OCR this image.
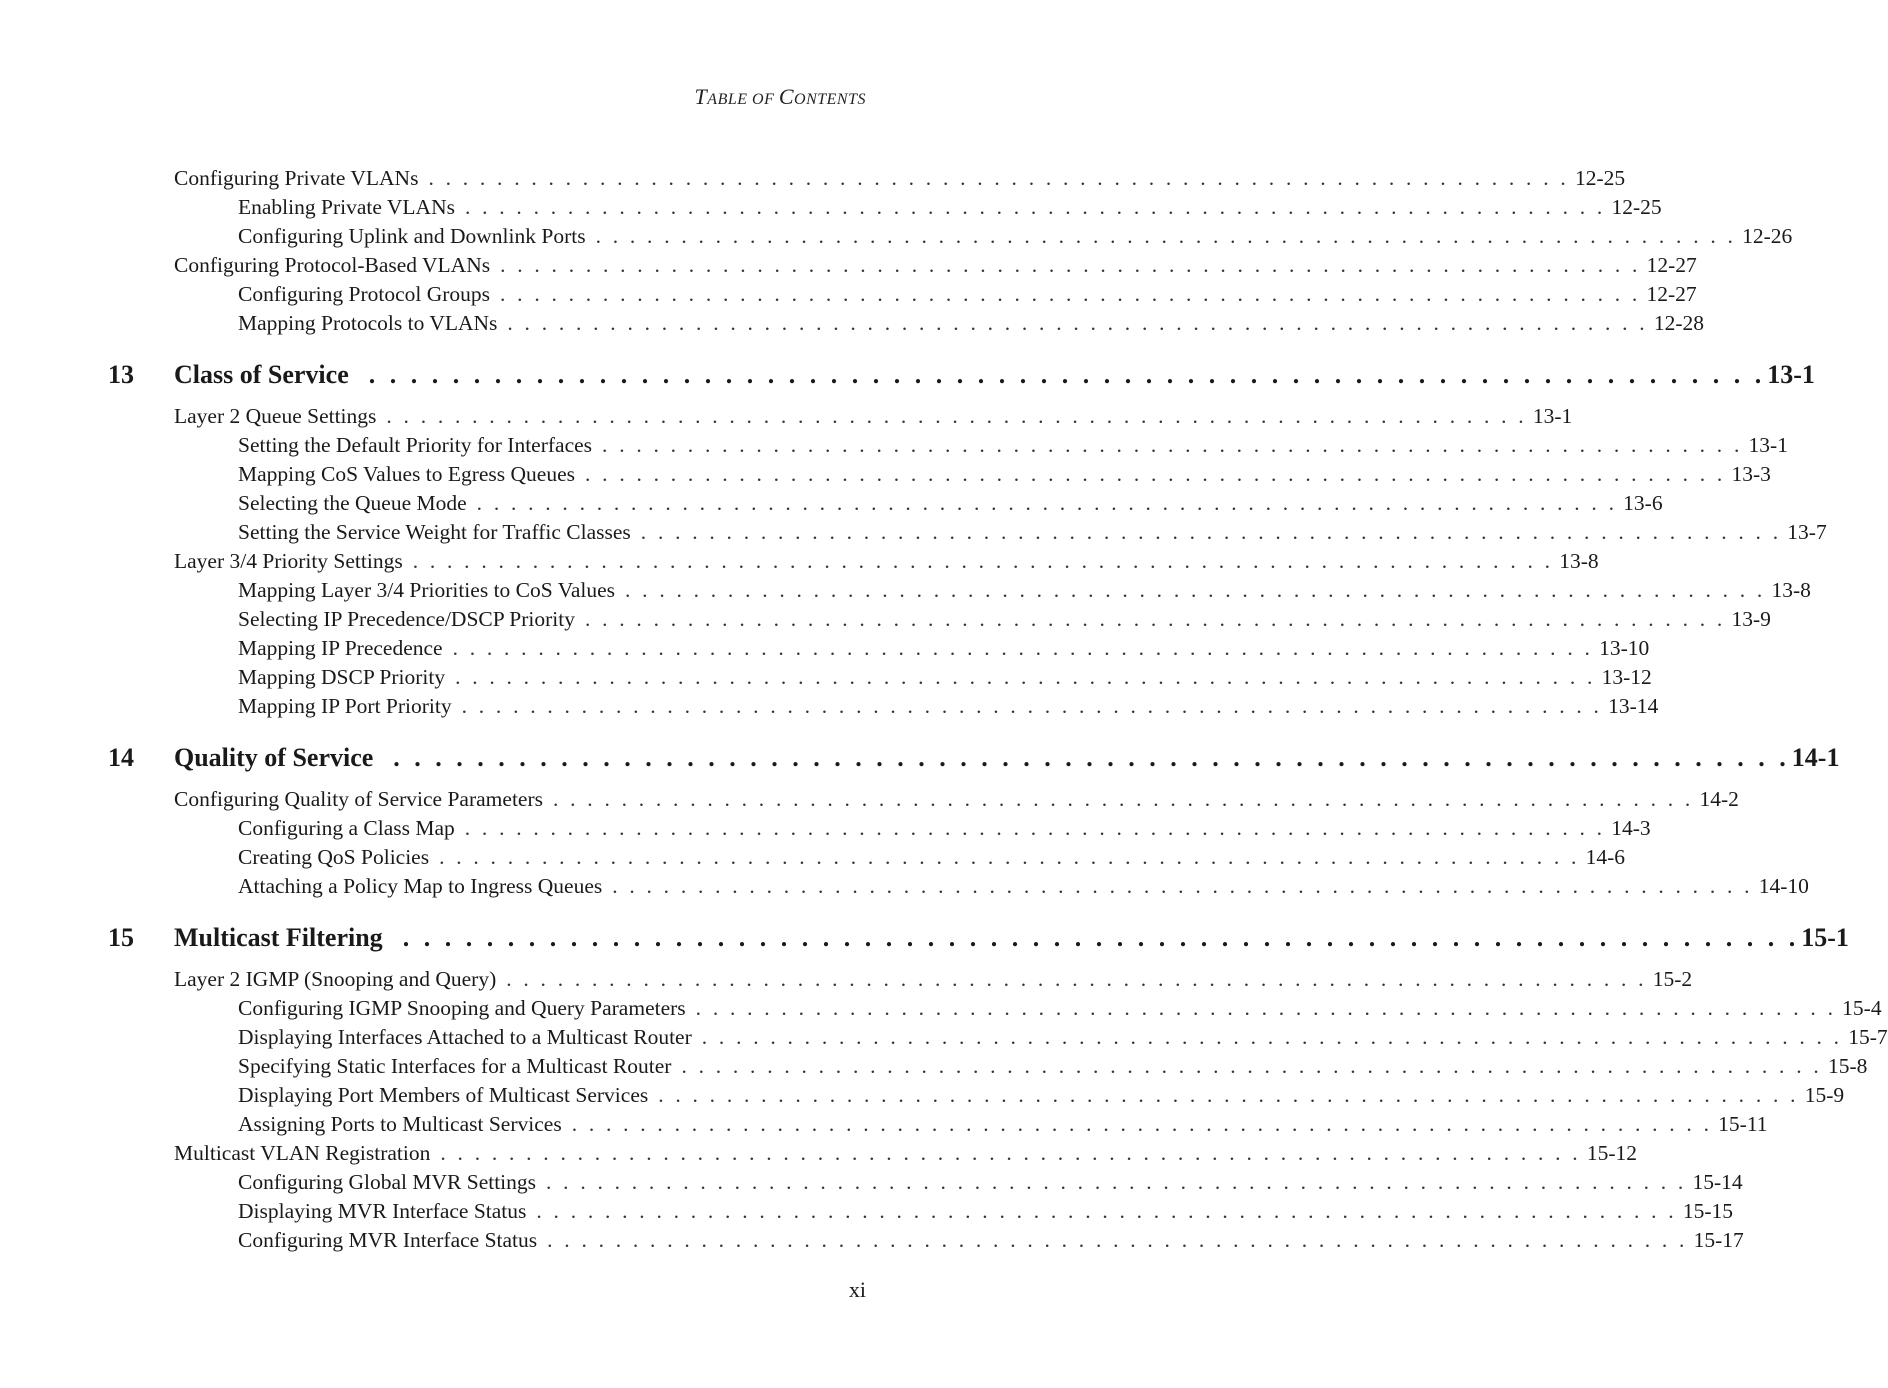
TABLE OF CONTENTS
Configuring Private VLANs . . . . . . . . . . . . . . . . . . . . . . . . . . . . . . . . . . . . . . . . . . . . . . . . . . . . . . . . . . . . . . . . . . . 12-25
Enabling Private VLANs . . . . . . . . . . . . . . . . . . . . . . . . . . . . . . . . . . . . . . . . . . . . . . . . . . . . . . . . . . . . . . . . . . . 12-25
Configuring Uplink and Downlink Ports . . . . . . . . . . . . . . . . . . . . . . . . . . . . . . . . . . . . . . . . . . . . . . . . . . . . . . . . . . . . . . . . . . . 12-26
Configuring Protocol-Based VLANs . . . . . . . . . . . . . . . . . . . . . . . . . . . . . . . . . . . . . . . . . . . . . . . . . . . . . . . . . . . . . . . . . . . 12-27
Configuring Protocol Groups . . . . . . . . . . . . . . . . . . . . . . . . . . . . . . . . . . . . . . . . . . . . . . . . . . . . . . . . . . . . . . . . . . . 12-27
Mapping Protocols to VLANs . . . . . . . . . . . . . . . . . . . . . . . . . . . . . . . . . . . . . . . . . . . . . . . . . . . . . . . . . . . . . . . . . . . 12-28
13 Class of Service . . . . . . . . . . . . . . . . . . . . . . . . . . . . . . . . . . . . . . . . . . . . . . . . . . . . . . . . . . . . . . . . . . . 13-1
Layer 2 Queue Settings . . . . . . . . . . . . . . . . . . . . . . . . . . . . . . . . . . . . . . . . . . . . . . . . . . . . . . . . . . . . . . . . . . . 13-1
Setting the Default Priority for Interfaces . . . . . . . . . . . . . . . . . . . . . . . . . . . . . . . . . . . . . . . . . . . . . . . . . . . . . . . . . . . . . . . . . . . 13-1
Mapping CoS Values to Egress Queues . . . . . . . . . . . . . . . . . . . . . . . . . . . . . . . . . . . . . . . . . . . . . . . . . . . . . . . . . . . . . . . . . . . 13-3
Selecting the Queue Mode . . . . . . . . . . . . . . . . . . . . . . . . . . . . . . . . . . . . . . . . . . . . . . . . . . . . . . . . . . . . . . . . . . . 13-6
Setting the Service Weight for Traffic Classes . . . . . . . . . . . . . . . . . . . . . . . . . . . . . . . . . . . . . . . . . . . . . . . . . . . . . . . . . . . . . . . . . . . 13-7
Layer 3/4 Priority Settings . . . . . . . . . . . . . . . . . . . . . . . . . . . . . . . . . . . . . . . . . . . . . . . . . . . . . . . . . . . . . . . . . . . 13-8
Mapping Layer 3/4 Priorities to CoS Values . . . . . . . . . . . . . . . . . . . . . . . . . . . . . . . . . . . . . . . . . . . . . . . . . . . . . . . . . . . . . . . . . . . 13-8
Selecting IP Precedence/DSCP Priority . . . . . . . . . . . . . . . . . . . . . . . . . . . . . . . . . . . . . . . . . . . . . . . . . . . . . . . . . . . . . . . . . . . 13-9
Mapping IP Precedence . . . . . . . . . . . . . . . . . . . . . . . . . . . . . . . . . . . . . . . . . . . . . . . . . . . . . . . . . . . . . . . . . . . 13-10
Mapping DSCP Priority . . . . . . . . . . . . . . . . . . . . . . . . . . . . . . . . . . . . . . . . . . . . . . . . . . . . . . . . . . . . . . . . . . . 13-12
Mapping IP Port Priority . . . . . . . . . . . . . . . . . . . . . . . . . . . . . . . . . . . . . . . . . . . . . . . . . . . . . . . . . . . . . . . . . . . 13-14
14 Quality of Service . . . . . . . . . . . . . . . . . . . . . . . . . . . . . . . . . . . . . . . . . . . . . . . . . . . . . . . . . . . . . . . . . . . 14-1
Configuring Quality of Service Parameters . . . . . . . . . . . . . . . . . . . . . . . . . . . . . . . . . . . . . . . . . . . . . . . . . . . . . . . . . . . . . . . . . . . 14-2
Configuring a Class Map . . . . . . . . . . . . . . . . . . . . . . . . . . . . . . . . . . . . . . . . . . . . . . . . . . . . . . . . . . . . . . . . . . . 14-3
Creating QoS Policies . . . . . . . . . . . . . . . . . . . . . . . . . . . . . . . . . . . . . . . . . . . . . . . . . . . . . . . . . . . . . . . . . . . 14-6
Attaching a Policy Map to Ingress Queues . . . . . . . . . . . . . . . . . . . . . . . . . . . . . . . . . . . . . . . . . . . . . . . . . . . . . . . . . . . . . . . . . . . 14-10
15 Multicast Filtering . . . . . . . . . . . . . . . . . . . . . . . . . . . . . . . . . . . . . . . . . . . . . . . . . . . . . . . . . . . . . . . . . . . 15-1
Layer 2 IGMP (Snooping and Query) . . . . . . . . . . . . . . . . . . . . . . . . . . . . . . . . . . . . . . . . . . . . . . . . . . . . . . . . . . . . . . . . . . . 15-2
Configuring IGMP Snooping and Query Parameters . . . . . . . . . . . . . . . . . . . . . . . . . . . . . . . . . . . . . . . . . . . . . . . . . . . . . . . . . . . . . . . . . . . 15-4
Displaying Interfaces Attached to a Multicast Router . . . . . . . . . . . . . . . . . . . . . . . . . . . . . . . . . . . . . . . . . . . . . . . . . . . . . . . . . . . . . . . . . . . 15-7
Specifying Static Interfaces for a Multicast Router . . . . . . . . . . . . . . . . . . . . . . . . . . . . . . . . . . . . . . . . . . . . . . . . . . . . . . . . . . . . . . . . . . . 15-8
Displaying Port Members of Multicast Services . . . . . . . . . . . . . . . . . . . . . . . . . . . . . . . . . . . . . . . . . . . . . . . . . . . . . . . . . . . . . . . . . . . 15-9
Assigning Ports to Multicast Services . . . . . . . . . . . . . . . . . . . . . . . . . . . . . . . . . . . . . . . . . . . . . . . . . . . . . . . . . . . . . . . . . . . 15-11
Multicast VLAN Registration . . . . . . . . . . . . . . . . . . . . . . . . . . . . . . . . . . . . . . . . . . . . . . . . . . . . . . . . . . . . . . . . . . . 15-12
Configuring Global MVR Settings . . . . . . . . . . . . . . . . . . . . . . . . . . . . . . . . . . . . . . . . . . . . . . . . . . . . . . . . . . . . . . . . . . . 15-14
Displaying MVR Interface Status . . . . . . . . . . . . . . . . . . . . . . . . . . . . . . . . . . . . . . . . . . . . . . . . . . . . . . . . . . . . . . . . . . . 15-15
Configuring MVR Interface Status . . . . . . . . . . . . . . . . . . . . . . . . . . . . . . . . . . . . . . . . . . . . . . . . . . . . . . . . . . . . . . . . . . . 15-17
xi
